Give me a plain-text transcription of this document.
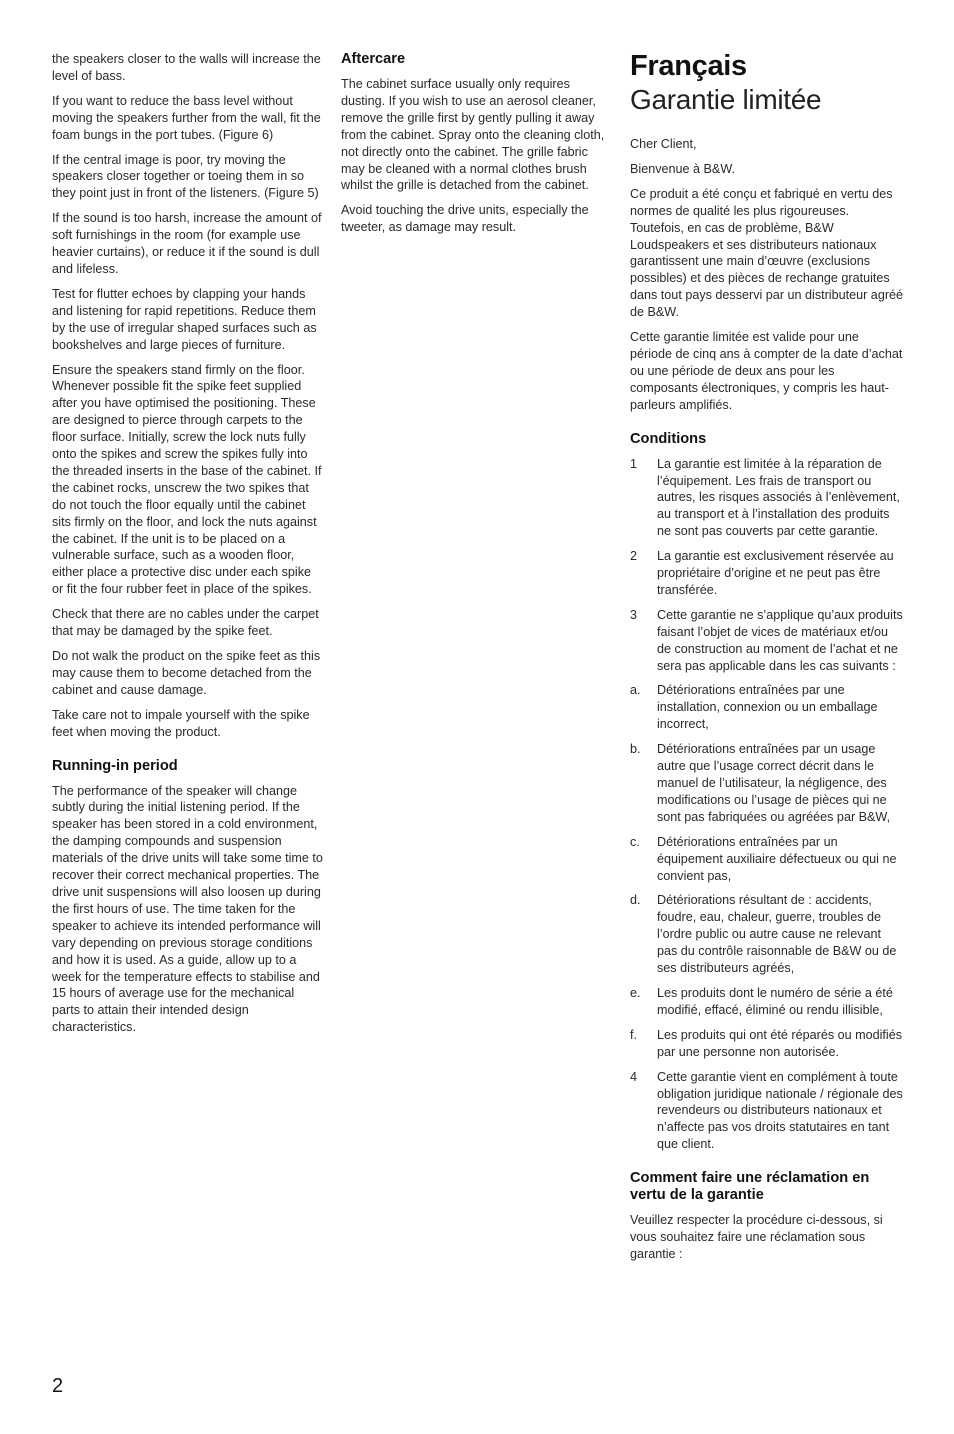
the speakers closer to the walls will increase the level of bass.

If you want to reduce the bass level without moving the speakers further from the wall, fit the foam bungs in the port tubes. (Figure 6)

If the central image is poor, try moving the speakers closer together or toeing them in so they point just in front of the listeners. (Figure 5)

If the sound is too harsh, increase the amount of soft furnishings in the room (for example use heavier curtains), or reduce it if the sound is dull and lifeless.

Test for flutter echoes by clapping your hands and listening for rapid repetitions. Reduce them by the use of irregular shaped surfaces such as bookshelves and large pieces of furniture.

Ensure the speakers stand firmly on the floor. Whenever possible fit the spike feet supplied after you have optimised the positioning. These are designed to pierce through carpets to the floor surface. Initially, screw the lock nuts fully onto the spikes and screw the spikes fully into the threaded inserts in the base of the cabinet. If the cabinet rocks, unscrew the two spikes that do not touch the floor equally until the cabinet sits firmly on the floor, and lock the nuts against the cabinet. If the unit is to be placed on a vulnerable surface, such as a wooden floor, either place a protective disc under each spike or fit the four rubber feet in place of the spikes.

Check that there are no cables under the carpet that may be damaged by the spike feet.

Do not walk the product on the spike feet as this may cause them to become detached from the cabinet and cause damage.

Take care not to impale yourself with the spike feet when moving the product.

Running-in period

The performance of the speaker will change subtly during the initial listening period. If the speaker has been stored in a cold environment, the damping compounds and suspension materials of the drive units will take some time to recover their correct mechanical properties. The drive unit suspensions will also loosen up during the first hours of use. The time taken for the speaker to achieve its intended performance will vary depending on previous storage conditions and how it is used. As a guide, allow up to a week for the temperature effects to stabilise and 15 hours of average use for the mechanical parts to attain their intended design characteristics.

Aftercare

The cabinet surface usually only requires dusting. If you wish to use an aerosol cleaner, remove the grille first by gently pulling it away from the cabinet. Spray onto the cleaning cloth, not directly onto the cabinet. The grille fabric may be cleaned with a normal clothes brush whilst the grille is detached from the cabinet.

Avoid touching the drive units, especially the tweeter, as damage may result.

Français
Garantie limitée

Cher Client,

Bienvenue à B&W.

Ce produit a été conçu et fabriqué en vertu des normes de qualité les plus rigoureuses. Toutefois, en cas de problème, B&W Loudspeakers et ses distributeurs nationaux garantissent une main d’œuvre (exclusions possibles) et des pièces de rechange gratuites dans tout pays desservi par un distributeur agréé de B&W.

Cette garantie limitée est valide pour une période de cinq ans à compter de la date d’achat ou une période de deux ans pour les composants électroniques, y compris les haut-parleurs amplifiés.

Conditions
1	La garantie est limitée à la réparation de l’équipement. Les frais de transport ou autres, les risques associés à l’enlèvement, au transport et à l’installation des produits ne sont pas couverts par cette garantie.
2	La garantie est exclusivement réservée au propriétaire d’origine et ne peut pas être transférée.
3	Cette garantie ne s’applique qu’aux produits faisant l’objet de vices de matériaux et/ou de construction au moment de l’achat et ne sera pas applicable dans les cas suivants :
a.	Détériorations entraînées par une installation, connexion ou un emballage incorrect,
b.	Détériorations entraînées par un usage autre que l’usage correct décrit dans le manuel de l’utilisateur, la négligence, des modifications ou l’usage de pièces qui ne sont pas fabriquées ou agréées par B&W,
c.	Détériorations entraînées par un équipement auxiliaire défectueux ou qui ne convient pas,
d.	Détériorations résultant de : accidents, foudre, eau, chaleur, guerre, troubles de l’ordre public ou autre cause ne relevant pas du contrôle raisonnable de B&W ou de ses distributeurs agréés,
e.	Les produits dont le numéro de série a été modifié, effacé, éliminé ou rendu illisible,
f.	Les produits qui ont été réparés ou modifiés par une personne non autorisée.
4	Cette garantie vient en complément à toute obligation juridique nationale / régionale des revendeurs ou distributeurs nationaux et n’affecte pas vos droits statutaires en tant que client.
Comment faire une réclamation en vertu de la garantie

Veuillez respecter la procédure ci-dessous, si vous souhaitez faire une réclamation sous garantie :

2
